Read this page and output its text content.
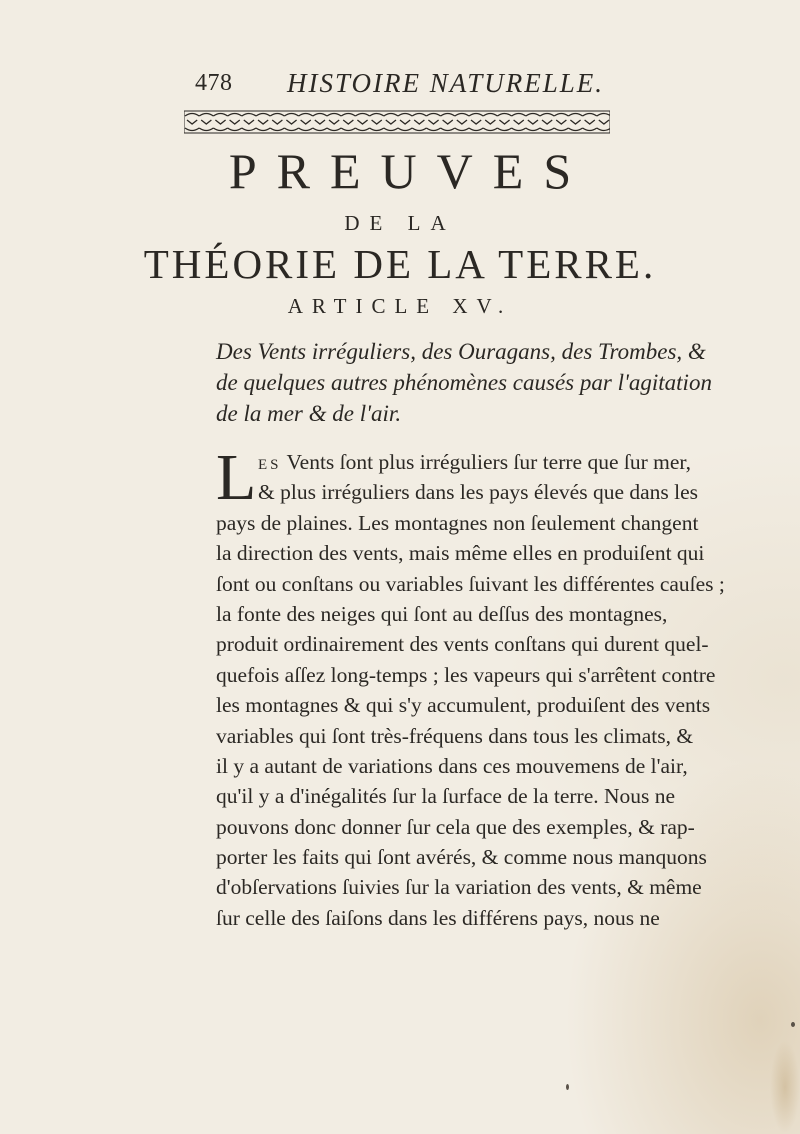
478 HISTOIRE NATURELLE.
PREUVES
DE LA
THÉORIE DE LA TERRE.
ARTICLE XV.
Des Vents irréguliers, des Ouragans, des Trombes, &
de quelques autres phénomènes causés par l'agitation
de la mer & de l'air.
L ES Vents ſont plus irréguliers ſur terre que ſur mer,
& plus irréguliers dans les pays élevés que dans les
pays de plaines. Les montagnes non ſeulement changent
la direction des vents, mais même elles en produiſent qui
ſont ou conſtans ou variables ſuivant les différentes cauſes ;
la fonte des neiges qui ſont au deſſus des montagnes,
produit ordinairement des vents conſtans qui durent quel-
quefois aſſez long-temps ; les vapeurs qui s'arrêtent contre
les montagnes & qui s'y accumulent, produiſent des vents
variables qui ſont très-fréquens dans tous les climats, &
il y a autant de variations dans ces mouvemens de l'air,
qu'il y a d'inégalités ſur la ſurface de la terre. Nous ne
pouvons donc donner ſur cela que des exemples, & rap-
porter les faits qui ſont avérés, & comme nous manquons
d'obſervations ſuivies ſur la variation des vents, & même
ſur celle des ſaiſons dans les différens pays, nous ne
